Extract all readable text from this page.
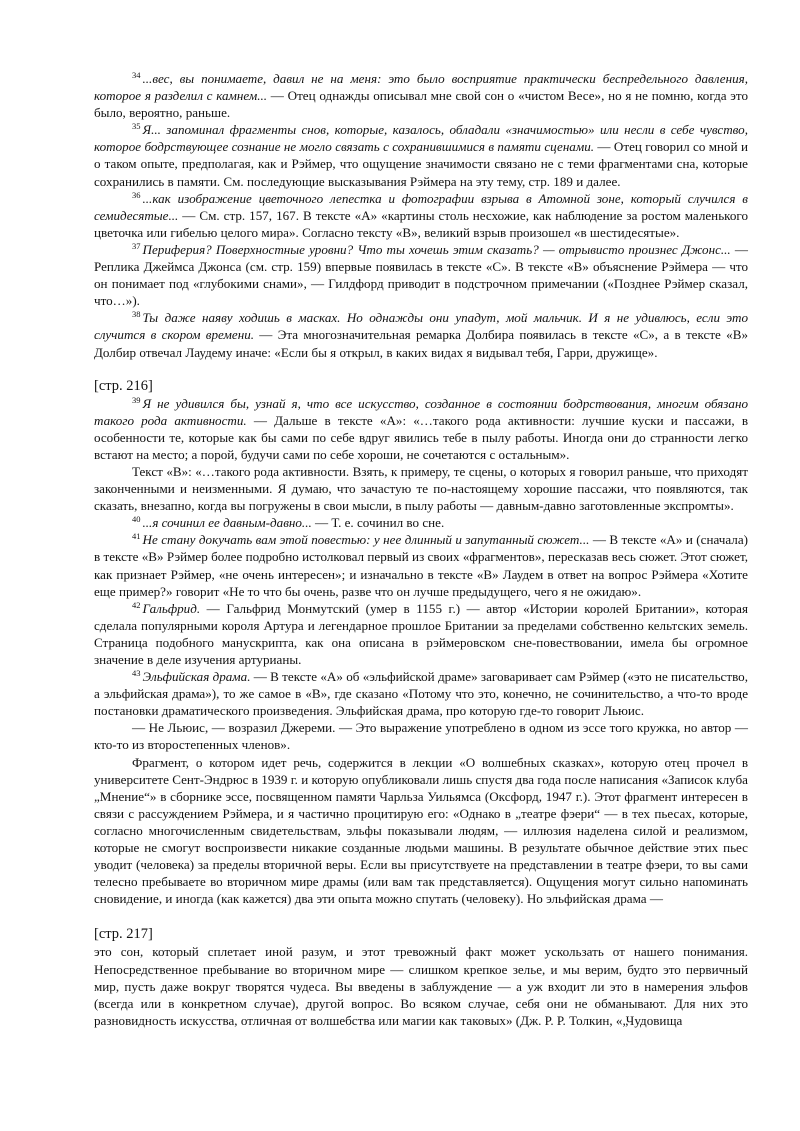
$^{34}$ ...вес, вы понимаете, давил не на меня: это было восприятие практически беспредельного давления, которое я разделил с камнем... — Отец однажды описывал мне свой сон о «чистом Весе», но я не помню, когда это было, вероятно, раньше.

$^{35}$ Я... запоминал фрагменты снов, которые, казалось, обладали «значимостью» или несли в себе чувство, которое бодрствующее сознание не могло связать с сохранившимися в памяти сценами. — Отец говорил со мной и о таком опыте, предполагая, как и Рэймер, что ощущение значимости связано не с теми фрагментами сна, которые сохранились в памяти. См. последующие высказывания Рэймера на эту тему, стр. 189 и далее.

$^{36}$ ...как изображение цветочного лепестка и фотографии взрыва в Атомной зоне, который случился в семидесятые... — См. стр. 157, 167. В тексте «А» «картины столь несхожие, как наблюдение за ростом маленького цветочка или гибелью целого мира». Согласно тексту «В», великий взрыв произошел «в шестидесятые».

$^{37}$ Периферия? Поверхностные уровни? Что ты хочешь этим сказать? — отрывисто произнес Джонс... — Реплика Джеймса Джонса (см. стр. 159) впервые появилась в тексте «С». В тексте «В» объяснение Рэймера — что он понимает под «глубокими снами», — Гилдфорд приводит в подстрочном примечании («Позднее Рэймер сказал, что…»).

$^{38}$ Ты даже наяву ходишь в масках. Но однажды они упадут, мой мальчик. И я не удивлюсь, если это случится в скором времени. — Эта многозначительная ремарка Долбира появилась в тексте «С», а в тексте «В» Долбир отвечал Лаудему иначе: «Если бы я открыл, в каких видах я видывал тебя, Гарри, дружище».

[стр. 216]

$^{39}$ Я не удивился бы, узнай я, что все искусство, созданное в состоянии бодрствования, многим обязано такого рода активности. — Дальше в тексте «А»: «…такого рода активности: лучшие куски и пассажи, в особенности те, которые как бы сами по себе вдруг явились тебе в пылу работы. Иногда они до странности легко встают на место; а порой, будучи сами по себе хороши, не сочетаются с остальным».

Текст «В»: «…такого рода активности. Взять, к примеру, те сцены, о которых я говорил раньше, что приходят законченными и неизменными. Я думаю, что зачастую те по-настоящему хорошие пассажи, что появляются, так сказать, внезапно, когда вы погружены в свои мысли, в пылу работы — давным-давно заготовленные экспромты».

$^{40}$ ...я сочинил ее давным-давно... — Т. е. сочинил во сне.

$^{41}$ Не стану докучать вам этой повестью: у нее длинный и запутанный сюжет... — В тексте «А» и (сначала) в тексте «В» Рэймер более подробно истолковал первый из своих «фрагментов», пересказав весь сюжет. Этот сюжет, как признает Рэймер, «не очень интересен»; и изначально в тексте «В» Лаудем в ответ на вопрос Рэймера «Хотите еще пример?» говорит «Не то что бы очень, разве что он лучше предыдущего, чего я не ожидаю».

$^{42}$ Гальфрид. — Гальфрид Монмутский (умер в 1155 г.) — автор «Истории королей Британии», которая сделала популярными короля Артура и легендарное прошлое Британии за пределами собственно кельтских земель. Страница подобного манускрипта, как она описана в рэймеровском сне-повествовании, имела бы огромное значение в деле изучения артурианы.

$^{43}$ Эльфийская драма. — В тексте «А» об «эльфийской драме» заговаривает сам Рэймер («это не писательство, а эльфийская драма»), то же самое в «В», где сказано «Потому что это, конечно, не сочинительство, а что-то вроде постановки драматического произведения. Эльфийская драма, про которую где-то говорит Льюис.

— Не Льюис, — возразил Джереми. — Это выражение употреблено в одном из эссе того кружка, но автор — кто-то из второстепенных членов».

Фрагмент, о котором идет речь, содержится в лекции «О волшебных сказках», которую отец прочел в университете Сент-Эндрюс в 1939 г. и которую опубликовали лишь спустя два года после написания «Записок клуба „Мнение“» в сборнике эссе, посвященном памяти Чарльза Уильямса (Оксфорд, 1947 г.). Этот фрагмент интересен в связи с рассуждением Рэймера, и я частично процитирую его: «Однако в „театре фэери“ — в тех пьесах, которые, согласно многочисленным свидетельствам, эльфы показывали людям, — иллюзия наделена силой и реализмом, которые не смогут воспроизвести никакие созданные людьми машины. В результате обычное действие этих пьес уводит (человека) за пределы вторичной веры. Если вы присутствуете на представлении в театре фэери, то вы сами телесно пребываете во вторичном мире драмы (или вам так представляется). Ощущения могут сильно напоминать сновидение, и иногда (как кажется) два эти опыта можно спутать (человеку). Но эльфийская драма —

[стр. 217]

это сон, который сплетает иной разум, и этот тревожный факт может ускользать от нашего понимания. Непосредственное пребывание во вторичном мире — слишком крепкое зелье, и мы верим, будто это первичный мир, пусть даже вокруг творятся чудеса. Вы введены в заблуждение — а уж входит ли это в намерения эльфов (всегда или в конкретном случае), другой вопрос. Во всяком случае, себя они не обманывают. Для них это разновидность искусства, отличная от волшебства или магии как таковых» (Дж. Р. Р. Толкин, «„Чудовища
